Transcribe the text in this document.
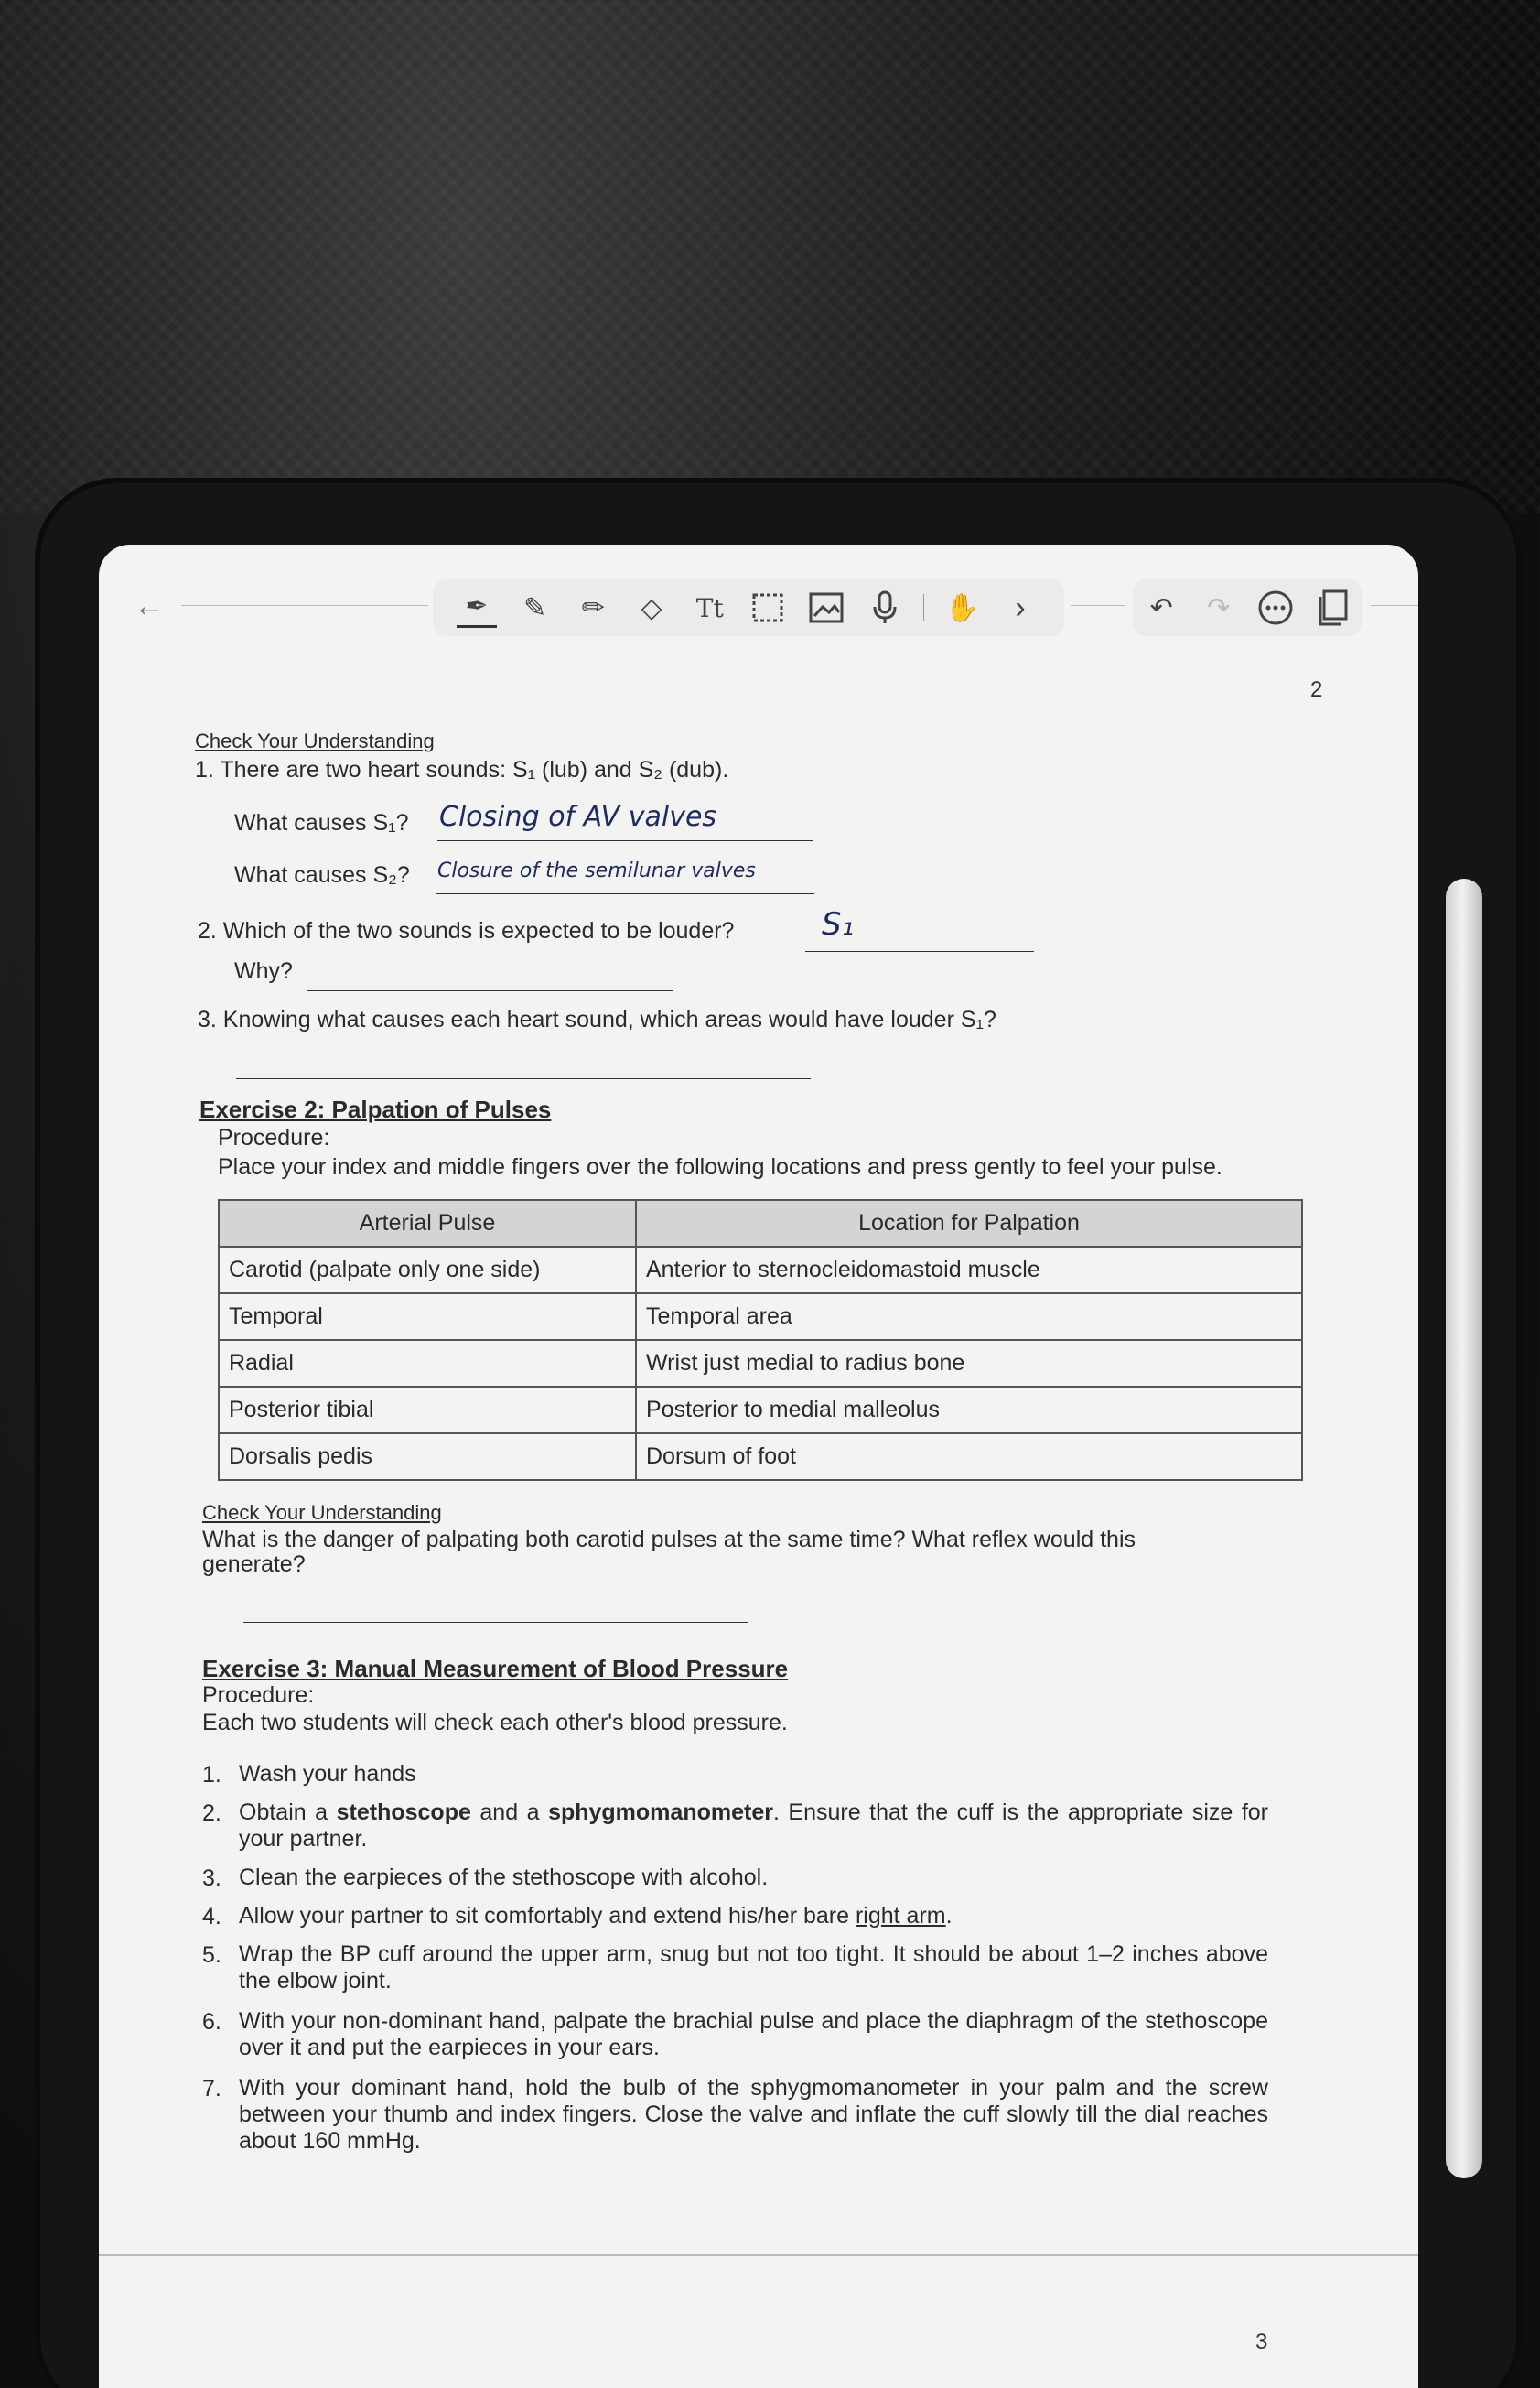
←	✒	✎	✏	◇	Tt	✋	›	↶	↷
2
Check Your Understanding
1. There are two heart sounds: S₁ (lub) and S₂ (dub).
What causes S₁? Closing of AV valves
What causes S₂? Closure of the semilunar valves
2. Which of the two sounds is expected to be louder?	S₁
Why?
3. Knowing what causes each heart sound, which areas would have louder S₁?
Exercise 2: Palpation of Pulses
Procedure:
Place your index and middle fingers over the following locations and press gently to feel your pulse.
Arterial Pulse	Location for Palpation
Carotid (palpate only one side)	Anterior to sternocleidomastoid muscle
Temporal	Temporal area
Radial	Wrist just medial to radius bone
Posterior tibial	Posterior to medial malleolus
Dorsalis pedis	Dorsum of foot
Check Your Understanding
What is the danger of palpating both carotid pulses at the same time? What reflex would this
generate?
Exercise 3: Manual Measurement of Blood Pressure
Procedure:
Each two students will check each other's blood pressure.
1. Wash your hands
2. Obtain a stethoscope and a sphygmomanometer. Ensure that the cuff is the appropriate size for your partner.
3. Clean the earpieces of the stethoscope with alcohol.
4. Allow your partner to sit comfortably and extend his/her bare right arm.
5. Wrap the BP cuff around the upper arm, snug but not too tight. It should be about 1–2 inches above the elbow joint.
6. With your non-dominant hand, palpate the brachial pulse and place the diaphragm of the stethoscope over it and put the earpieces in your ears.
7. With your dominant hand, hold the bulb of the sphygmomanometer in your palm and the screw between your thumb and index fingers. Close the valve and inflate the cuff slowly till the dial reaches about 160 mmHg.
3
